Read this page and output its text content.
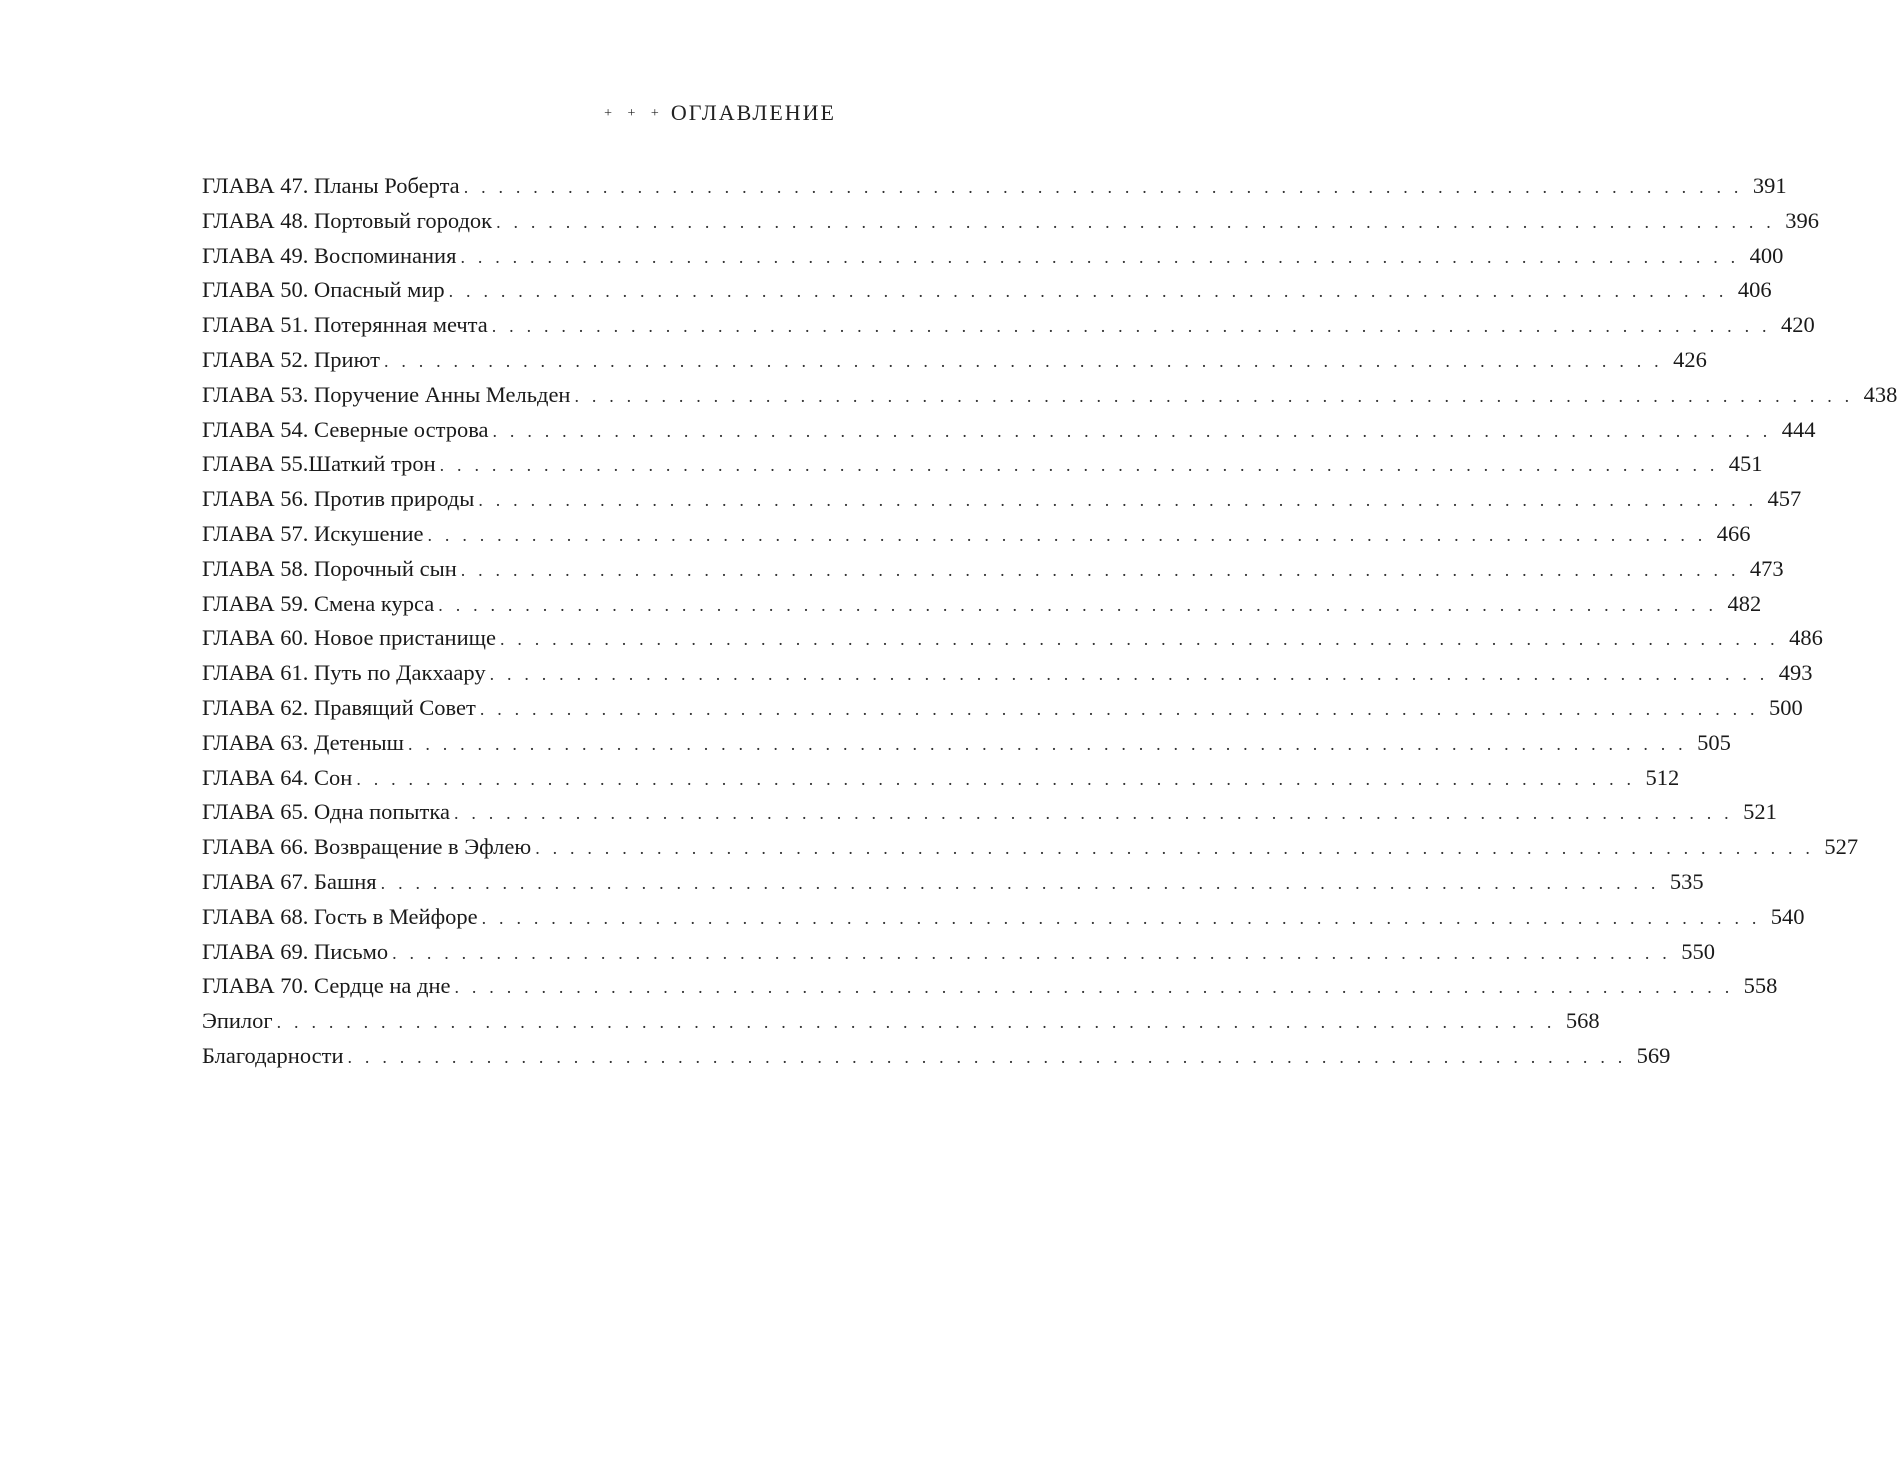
+ + + ОГЛАВЛЕНИЕ
ГЛАВА 47. Планы Роберта . . . . . . . . . . . . . . . . . . . . . . . . . . . . . . . . . . . . . . . . . . . . . . . . . . . . . . . . . . . . . . . . . . . . . . . . . . 391
ГЛАВА 48. Портовый городок . . . . . . . . . . . . . . . . . . . . . . . . . . . . . . . . . . . . . . . . . . . . . . . . . . . . . . . . . . . . . . . . . . . . . . . . . . 396
ГЛАВА 49. Воспоминания . . . . . . . . . . . . . . . . . . . . . . . . . . . . . . . . . . . . . . . . . . . . . . . . . . . . . . . . . . . . . . . . . . . . . . . . . . 400
ГЛАВА 50. Опасный мир . . . . . . . . . . . . . . . . . . . . . . . . . . . . . . . . . . . . . . . . . . . . . . . . . . . . . . . . . . . . . . . . . . . . . . . . . . 406
ГЛАВА 51. Потерянная мечта . . . . . . . . . . . . . . . . . . . . . . . . . . . . . . . . . . . . . . . . . . . . . . . . . . . . . . . . . . . . . . . . . . . . . . . . . . 420
ГЛАВА 52. Приют . . . . . . . . . . . . . . . . . . . . . . . . . . . . . . . . . . . . . . . . . . . . . . . . . . . . . . . . . . . . . . . . . . . . . . . . . . 426
ГЛАВА 53. Поручение Анны Мельден . . . . . . . . . . . . . . . . . . . . . . . . . . . . . . . . . . . . . . . . . . . . . . . . . . . . . . . . . . . . . . . . . . . . . . . . . . 438
ГЛАВА 54. Северные острова . . . . . . . . . . . . . . . . . . . . . . . . . . . . . . . . . . . . . . . . . . . . . . . . . . . . . . . . . . . . . . . . . . . . . . . . . . 444
ГЛАВА 55.Шаткий трон . . . . . . . . . . . . . . . . . . . . . . . . . . . . . . . . . . . . . . . . . . . . . . . . . . . . . . . . . . . . . . . . . . . . . . . . . . 451
ГЛАВА 56. Против природы . . . . . . . . . . . . . . . . . . . . . . . . . . . . . . . . . . . . . . . . . . . . . . . . . . . . . . . . . . . . . . . . . . . . . . . . . . 457
ГЛАВА 57. Искушение . . . . . . . . . . . . . . . . . . . . . . . . . . . . . . . . . . . . . . . . . . . . . . . . . . . . . . . . . . . . . . . . . . . . . . . . . . 466
ГЛАВА 58. Порочный сын . . . . . . . . . . . . . . . . . . . . . . . . . . . . . . . . . . . . . . . . . . . . . . . . . . . . . . . . . . . . . . . . . . . . . . . . . . 473
ГЛАВА 59. Смена курса . . . . . . . . . . . . . . . . . . . . . . . . . . . . . . . . . . . . . . . . . . . . . . . . . . . . . . . . . . . . . . . . . . . . . . . . . . 482
ГЛАВА 60. Новое пристанище . . . . . . . . . . . . . . . . . . . . . . . . . . . . . . . . . . . . . . . . . . . . . . . . . . . . . . . . . . . . . . . . . . . . . . . . . . 486
ГЛАВА 61. Путь по Дакхаару . . . . . . . . . . . . . . . . . . . . . . . . . . . . . . . . . . . . . . . . . . . . . . . . . . . . . . . . . . . . . . . . . . . . . . . . . . 493
ГЛАВА 62. Правящий Совет . . . . . . . . . . . . . . . . . . . . . . . . . . . . . . . . . . . . . . . . . . . . . . . . . . . . . . . . . . . . . . . . . . . . . . . . . . 500
ГЛАВА 63. Детеныш . . . . . . . . . . . . . . . . . . . . . . . . . . . . . . . . . . . . . . . . . . . . . . . . . . . . . . . . . . . . . . . . . . . . . . . . . . 505
ГЛАВА 64. Сон . . . . . . . . . . . . . . . . . . . . . . . . . . . . . . . . . . . . . . . . . . . . . . . . . . . . . . . . . . . . . . . . . . . . . . . . . . 512
ГЛАВА 65. Одна попытка . . . . . . . . . . . . . . . . . . . . . . . . . . . . . . . . . . . . . . . . . . . . . . . . . . . . . . . . . . . . . . . . . . . . . . . . . . 521
ГЛАВА 66. Возвращение в Эфлею . . . . . . . . . . . . . . . . . . . . . . . . . . . . . . . . . . . . . . . . . . . . . . . . . . . . . . . . . . . . . . . . . . . . . . . . . . 527
ГЛАВА 67. Башня . . . . . . . . . . . . . . . . . . . . . . . . . . . . . . . . . . . . . . . . . . . . . . . . . . . . . . . . . . . . . . . . . . . . . . . . . . 535
ГЛАВА 68. Гость в Мейфоре . . . . . . . . . . . . . . . . . . . . . . . . . . . . . . . . . . . . . . . . . . . . . . . . . . . . . . . . . . . . . . . . . . . . . . . . . . 540
ГЛАВА 69. Письмо . . . . . . . . . . . . . . . . . . . . . . . . . . . . . . . . . . . . . . . . . . . . . . . . . . . . . . . . . . . . . . . . . . . . . . . . . . 550
ГЛАВА 70. Сердце на дне . . . . . . . . . . . . . . . . . . . . . . . . . . . . . . . . . . . . . . . . . . . . . . . . . . . . . . . . . . . . . . . . . . . . . . . . . . 558
Эпилог . . . . . . . . . . . . . . . . . . . . . . . . . . . . . . . . . . . . . . . . . . . . . . . . . . . . . . . . . . . . . . . . . . . . . . . . . . 568
Благодарности . . . . . . . . . . . . . . . . . . . . . . . . . . . . . . . . . . . . . . . . . . . . . . . . . . . . . . . . . . . . . . . . . . . . . . . . . . 569
